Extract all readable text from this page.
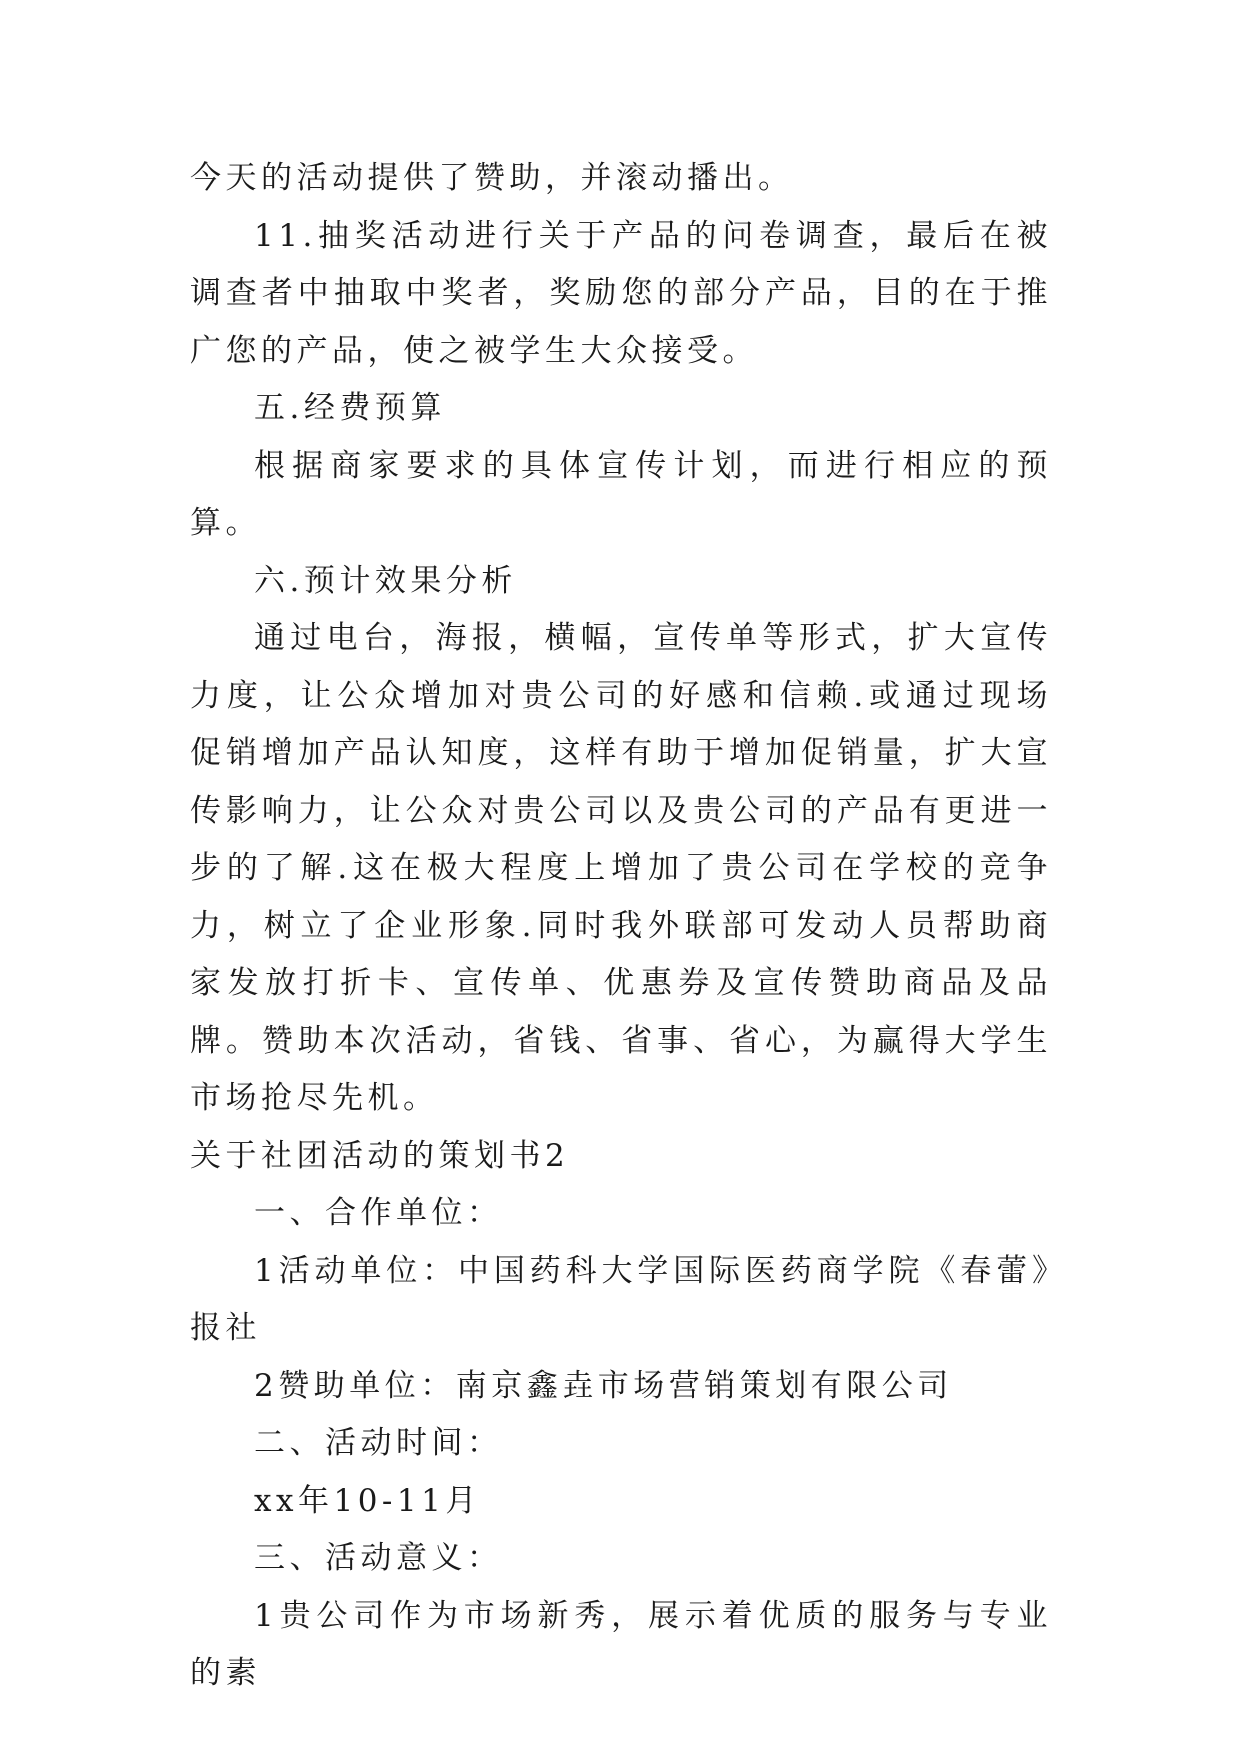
今天的活动提供了赞助，并滚动播出。

11.抽奖活动进行关于产品的问卷调查，最后在被调查者中抽取中奖者，奖励您的部分产品，目的在于推广您的产品，使之被学生大众接受。

五.经费预算

根据商家要求的具体宣传计划，而进行相应的预算。

六.预计效果分析

通过电台，海报，横幅，宣传单等形式，扩大宣传力度，让公众增加对贵公司的好感和信赖.或通过现场促销增加产品认知度，这样有助于增加促销量，扩大宣传影响力，让公众对贵公司以及贵公司的产品有更进一步的了解.这在极大程度上增加了贵公司在学校的竞争力，树立了企业形象.同时我外联部可发动人员帮助商家发放打折卡、宣传单、优惠券及宣传赞助商品及品牌。赞助本次活动，省钱、省事、省心，为赢得大学生市场抢尽先机。

关于社团活动的策划书2

一、合作单位：

1活动单位：中国药科大学国际医药商学院《春蕾》报社

2赞助单位：南京鑫垚市场营销策划有限公司

二、活动时间：

xx年10-11月

三、活动意义：

1贵公司作为市场新秀，展示着优质的服务与专业的素
